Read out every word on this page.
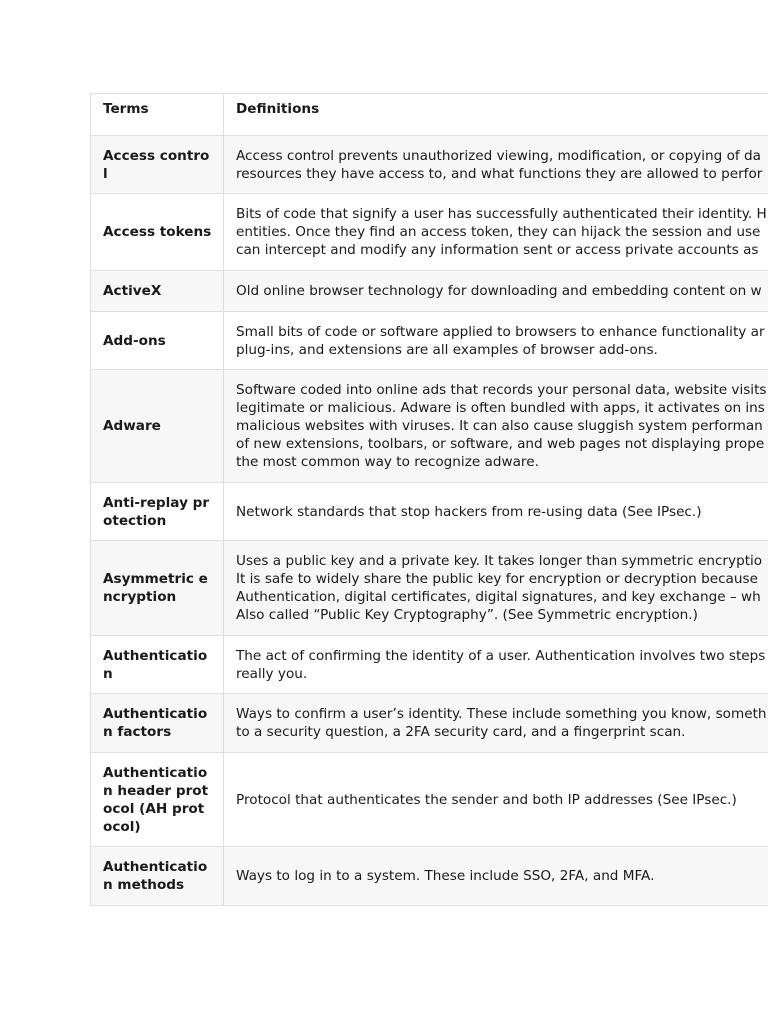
Terms	Definitions
Access control	Access control prevents unauthorized viewing, modification, or copying of da
resources they have access to, and what functions they are allowed to perfor

Access tokens	Bits of code that signify a user has successfully authenticated their identity. H
entities. Once they find an access token, they can hijack the session and use
can intercept and modify any information sent or access private accounts as

ActiveX	Old online browser technology for downloading and embedding content on w

Add-ons	Small bits of code or software applied to browsers to enhance functionality ar
plug-ins, and extensions are all examples of browser add-ons.

Adware	Software coded into online ads that records your personal data, website visits
legitimate or malicious. Adware is often bundled with apps, it activates on ins
malicious websites with viruses. It can also cause sluggish system performan
of new extensions, toolbars, or software, and web pages not displaying prope
the most common way to recognize adware.

Anti-replay protection	Network standards that stop hackers from re-using data (See IPsec.)

Asymmetric encryption	Uses a public key and a private key. It takes longer than symmetric encryptio
It is safe to widely share the public key for encryption or decryption because
Authentication, digital certificates, digital signatures, and key exchange – wh
Also called “Public Key Cryptography”. (See Symmetric encryption.)

Authentication	The act of confirming the identity of a user. Authentication involves two steps
really you.

Authentication factors	Ways to confirm a user’s identity. These include something you know, someth
to a security question, a 2FA security card, and a fingerprint scan.

Authentication header protocol (AH protocol)	Protocol that authenticates the sender and both IP addresses (See IPsec.)

Authentication methods	Ways to log in to a system. These include SSO, 2FA, and MFA.
